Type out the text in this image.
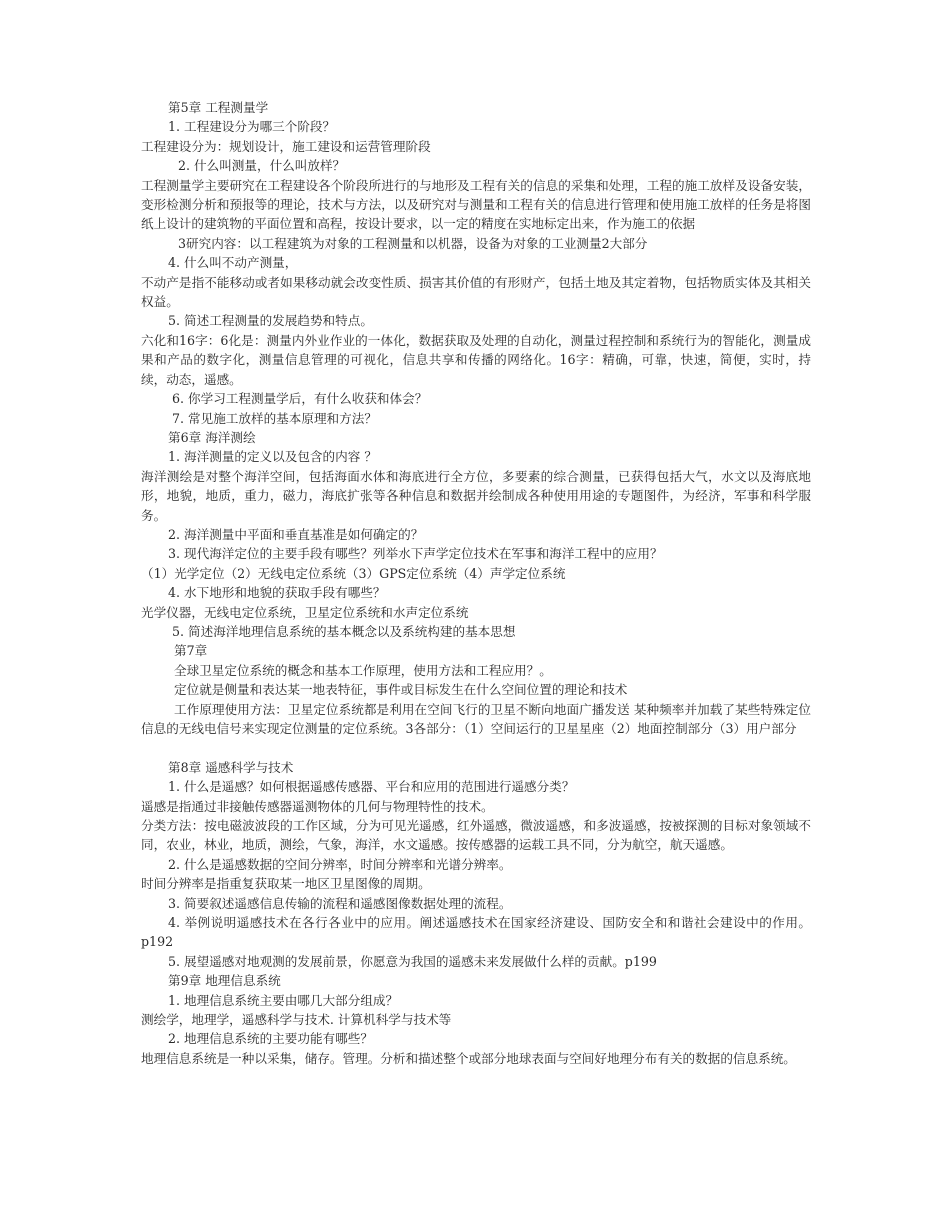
第5章 工程测量学

1. 工程建设分为哪三个阶段？

工程建设分为：规划设计，施工建设和运营管理阶段

2. 什么叫测量，什么叫放样？

工程测量学主要研究在工程建设各个阶段所进行的与地形及工程有关的信息的采集和处理，工程的施工放样及设备安装，变形检测分析和预报等的理论，技术与方法，以及研究对与测量和工程有关的信息进行管理和使用施工放样的任务是将图纸上设计的建筑物的平面位置和高程，按设计要求，以一定的精度在实地标定出来，作为施工的依据

3研究内容：以工程建筑为对象的工程测量和以机器，设备为对象的工业测量2大部分

4. 什么叫不动产测量，

不动产是指不能移动或者如果移动就会改变性质、损害其价值的有形财产，包括土地及其定着物，包括物质实体及其相关权益。

5. 简述工程测量的发展趋势和特点。

六化和16字：6化是：测量内外业作业的一体化，数据获取及处理的自动化，测量过程控制和系统行为的智能化，测量成果和产品的数字化，测量信息管理的可视化，信息共享和传播的网络化。16字：精确，可靠，快速，简便，实时，持续，动态，遥感。

6. 你学习工程测量学后，有什么收获和体会？

7. 常见施工放样的基本原理和方法？

第6章 海洋测绘

1. 海洋测量的定义以及包含的内容 ？

海洋测绘是对整个海洋空间，包括海面水体和海底进行全方位，多要素的综合测量，已获得包括大气，水文以及海底地形，地貌，地质，重力，磁力，海底扩张等各种信息和数据并绘制成各种使用用途的专题图件，为经济，军事和科学服务。

2. 海洋测量中平面和垂直基准是如何确定的？

3. 现代海洋定位的主要手段有哪些？列举水下声学定位技术在军事和海洋工程中的应用？

（1）光学定位（2）无线电定位系统（3）GPS定位系统（4）声学定位系统

4. 水下地形和地貌的获取手段有哪些？

光学仪器，无线电定位系统，卫星定位系统和水声定位系统

5. 简述海洋地理信息系统的基本概念以及系统构建的基本思想

第7章

全球卫星定位系统的概念和基本工作原理，使用方法和工程应用？。

定位就是侧量和表达某一地表特征，事件或目标发生在什么空间位置的理论和技术

工作原理使用方法：卫星定位系统都是利用在空间飞行的卫星不断向地面广播发送 某种频率并加载了某些特殊定位信息的无线电信号来实现定位测量的定位系统。3各部分：（1）空间运行的卫星星座（2）地面控制部分（3）用户部分

第8章 遥感科学与技术

1. 什么是遥感？如何根据遥感传感器、平台和应用的范围进行遥感分类？

遥感是指通过非接触传感器遥测物体的几何与物理特性的技术。

分类方法：按电磁波波段的工作区域，分为可见光遥感，红外遥感，微波遥感，和多波遥感，按被探测的目标对象领域不同，农业，林业，地质，测绘，气象，海洋，水文遥感。按传感器的运载工具不同，分为航空，航天遥感。

2. 什么是遥感数据的空间分辨率，时间分辨率和光谱分辨率。

时间分辨率是指重复获取某一地区卫星图像的周期。

3. 简要叙述遥感信息传输的流程和遥感图像数据处理的流程。

4. 举例说明遥感技术在各行各业中的应用。阐述遥感技术在国家经济建设、国防安全和和谐社会建设中的作用。p192

5. 展望遥感对地观测的发展前景，你愿意为我国的遥感未来发展做什么样的贡献。p199

第9章 地理信息系统

1. 地理信息系统主要由哪几大部分组成？

测绘学，地理学，遥感科学与技术. 计算机科学与技术等

2. 地理信息系统的主要功能有哪些？

地理信息系统是一种以采集，储存。管理。分析和描述整个或部分地球表面与空间好地理分布有关的数据的信息系统。
